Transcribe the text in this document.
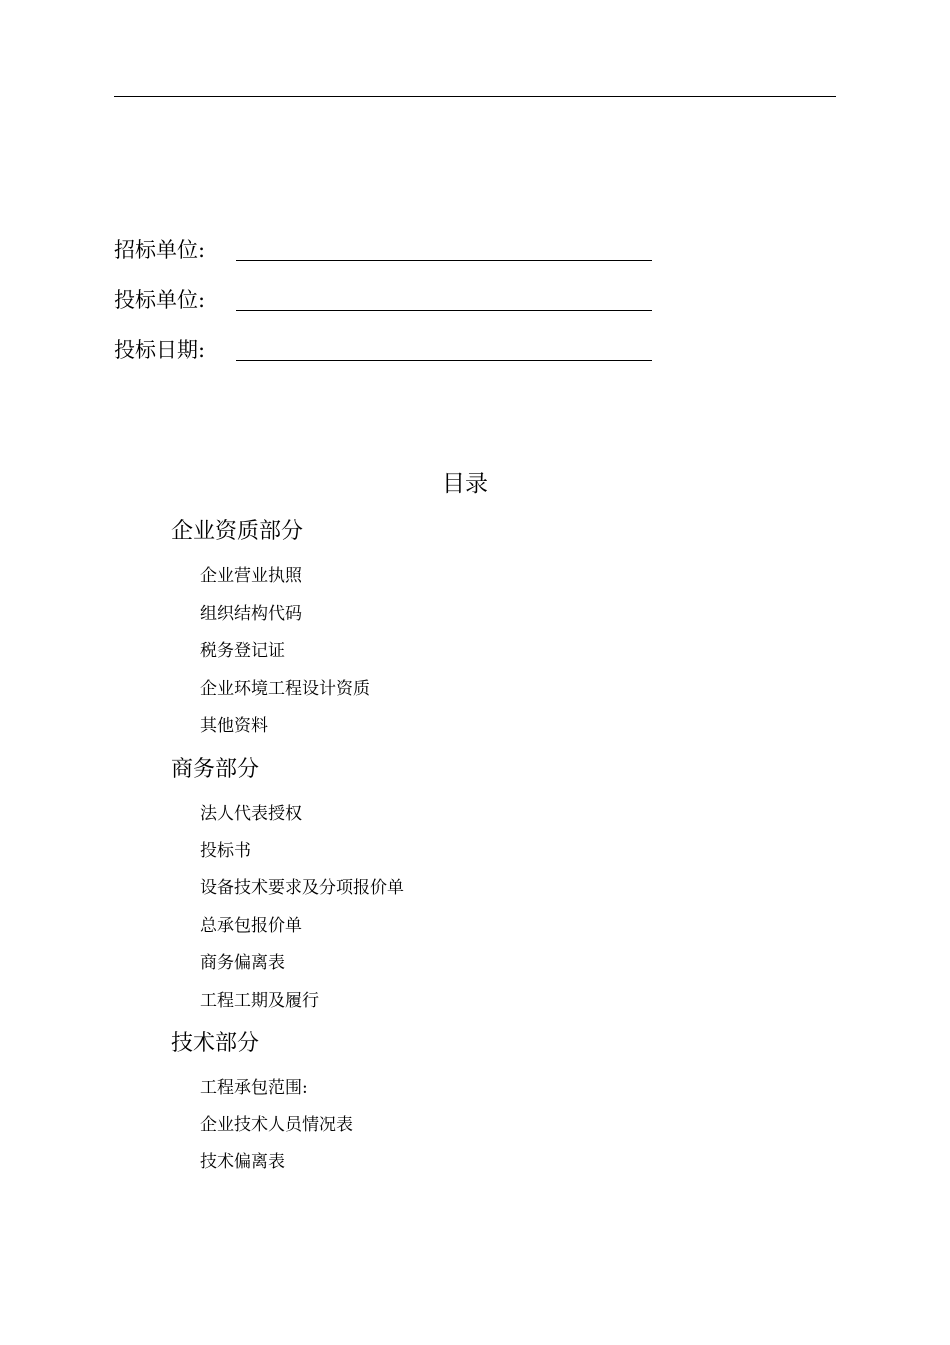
招标单位:
投标单位:
投标日期:
目录
企业资质部分
企业营业执照
组织结构代码
税务登记证
企业环境工程设计资质
其他资料
商务部分
法人代表授权
投标书
设备技术要求及分项报价单
总承包报价单
商务偏离表
工程工期及履行
技术部分
工程承包范围:
企业技术人员情况表
技术偏离表
